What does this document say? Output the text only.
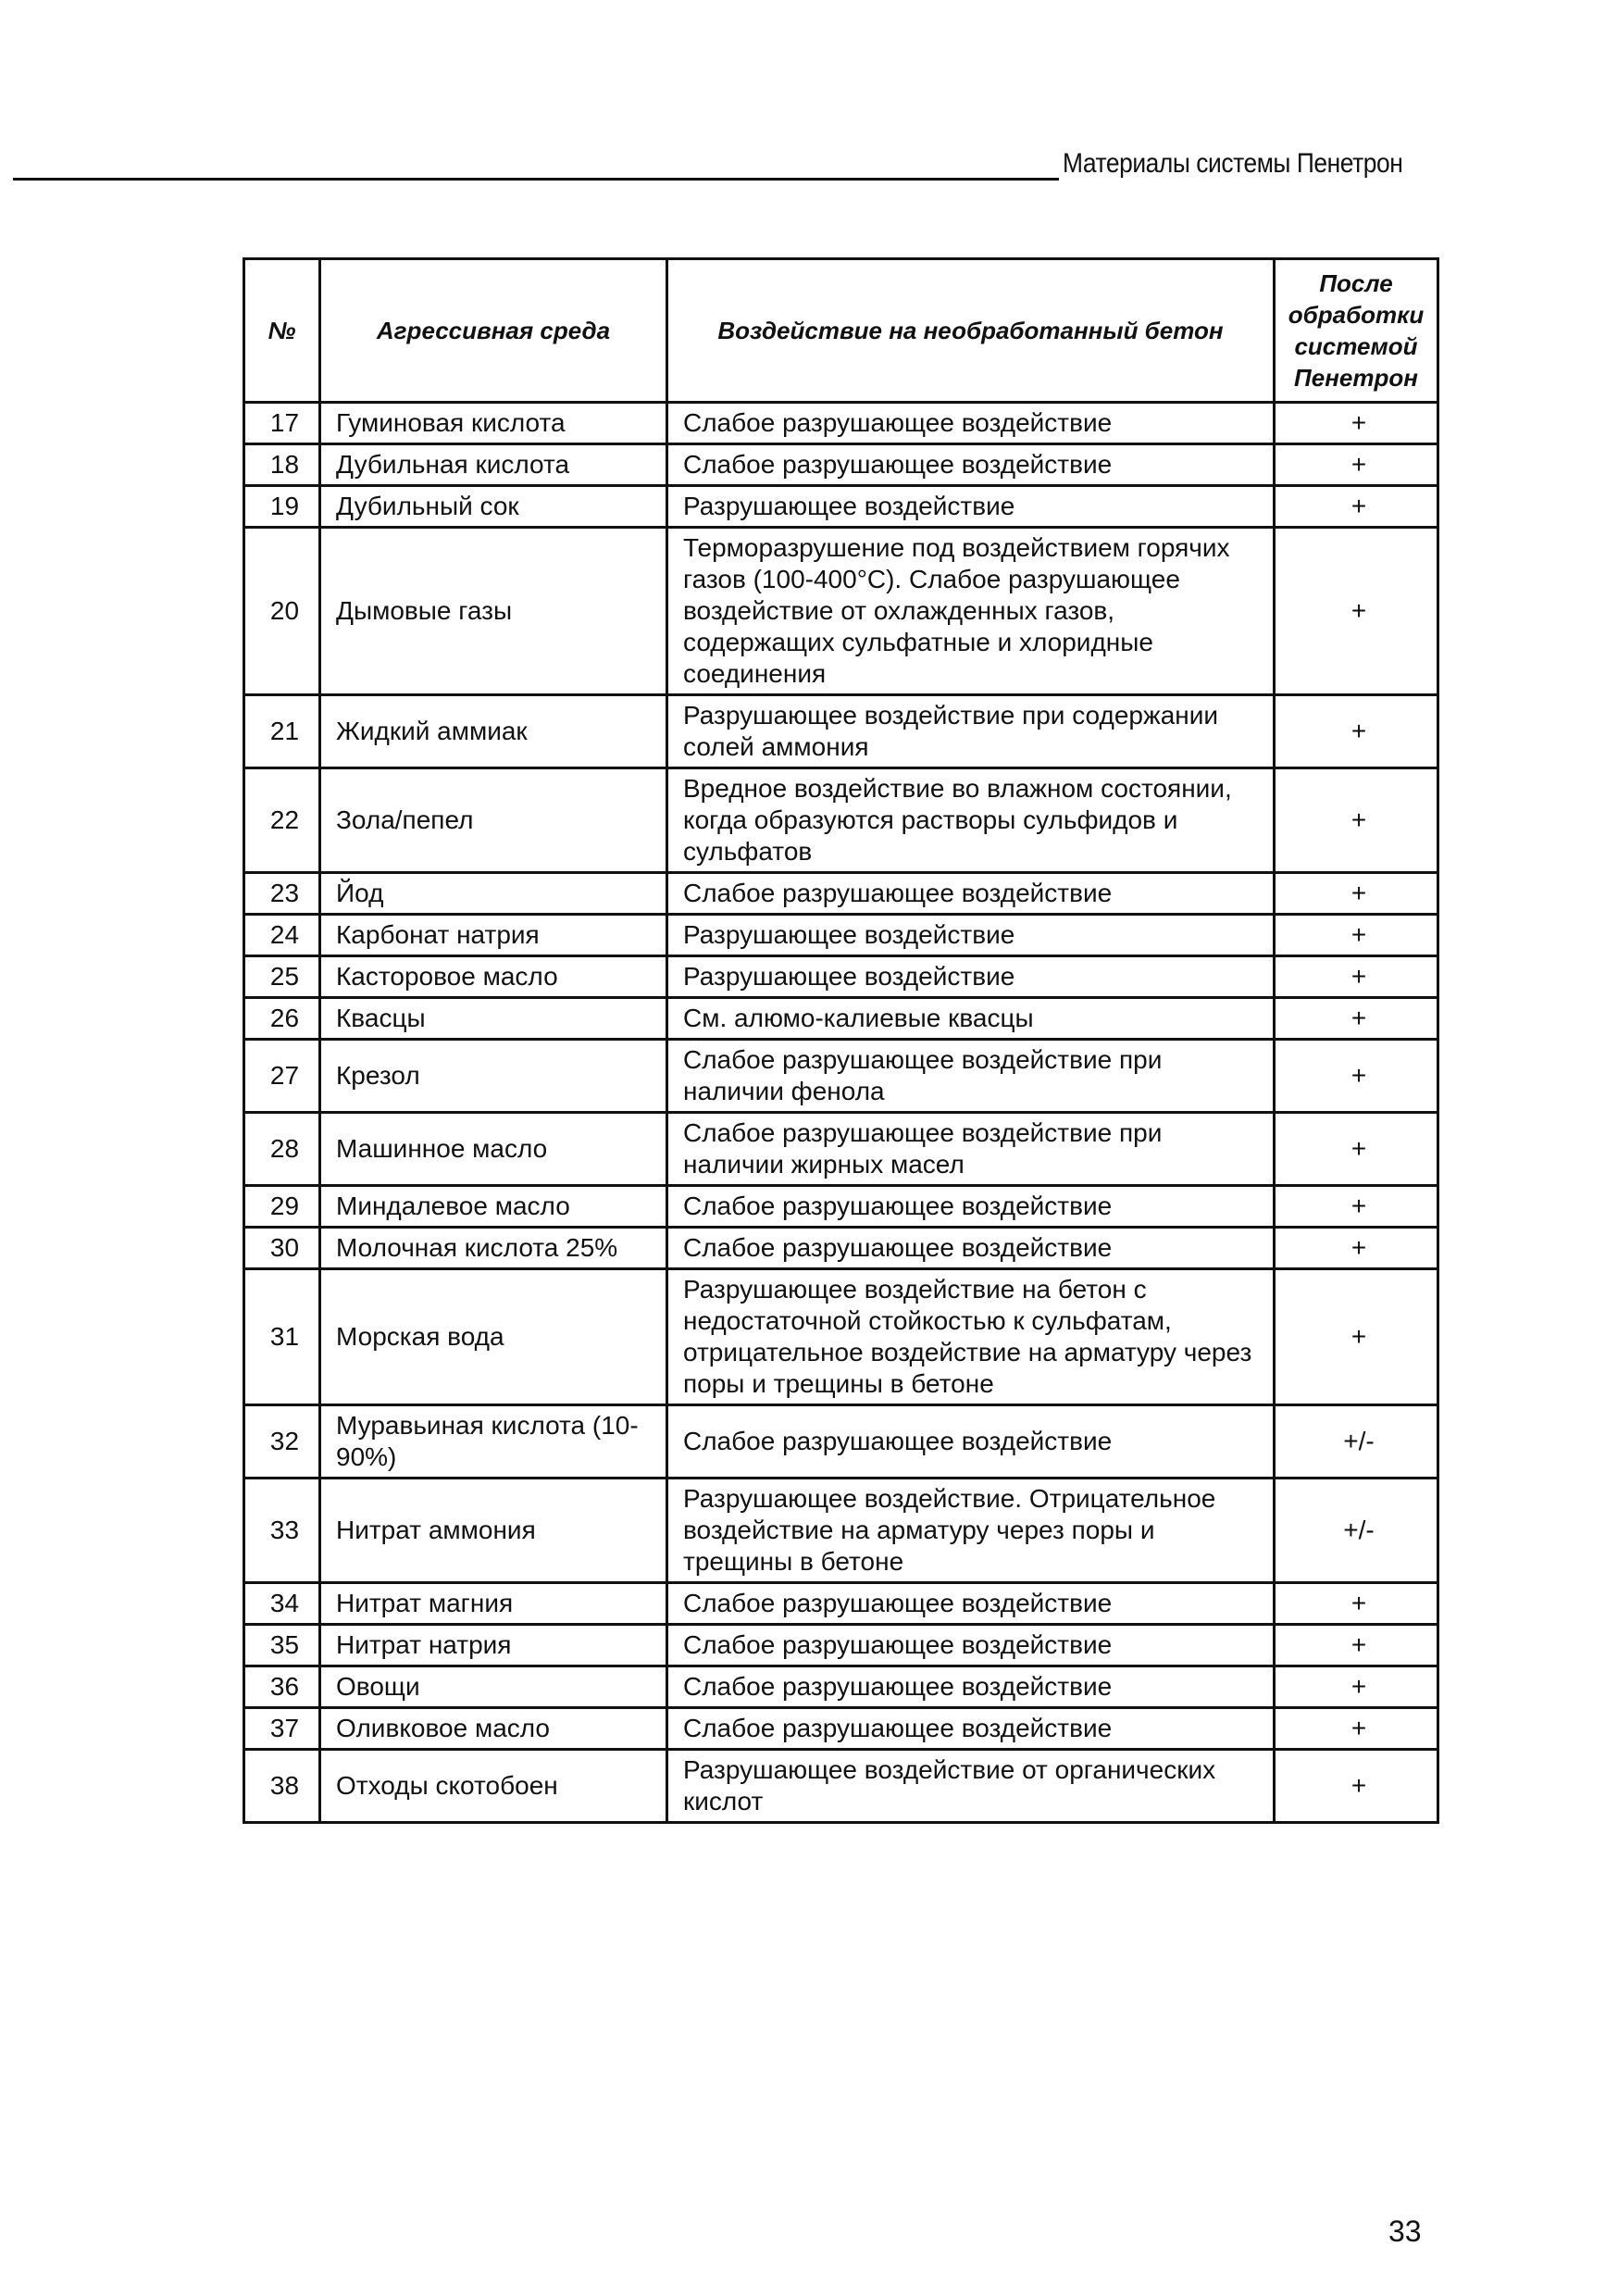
Материалы системы Пенетрон
№	Агрессивная среда	Воздействие на необработанный бетон	После обработки системой Пенетрон
17	Гуминовая кислота	Слабое разрушающее воздействие	+
18	Дубильная кислота	Слабое разрушающее воздействие	+
19	Дубильный сок	Разрушающее воздействие	+
20	Дымовые газы	Терморазрушение под воздействием горячих газов (100-400°С). Слабое разрушающее воздействие от охлажденных газов, содержащих сульфатные и хлоридные соединения	+
21	Жидкий аммиак	Разрушающее воздействие при содержании солей аммония	+
22	Зола/пепел	Вредное воздействие во влажном состоянии, когда образуются растворы сульфидов и сульфатов	+
23	Йод	Слабое разрушающее воздействие	+
24	Карбонат натрия	Разрушающее воздействие	+
25	Касторовое масло	Разрушающее воздействие	+
26	Квасцы	См. алюмо-калиевые квасцы	+
27	Крезол	Слабое разрушающее воздействие при наличии фенола	+
28	Машинное масло	Слабое разрушающее воздействие при наличии жирных масел	+
29	Миндалевое масло	Слабое разрушающее воздействие	+
30	Молочная кислота 25%	Слабое разрушающее воздействие	+
31	Морская вода	Разрушающее воздействие на бетон с недостаточной стойкостью к сульфатам, отрицательное воздействие на арматуру через поры и трещины в бетоне	+
32	Муравьиная кислота (10-90%)	Слабое разрушающее воздействие	+/-
33	Нитрат аммония	Разрушающее воздействие. Отрицательное воздействие на арматуру через поры и трещины в бетоне	+/-
34	Нитрат магния	Слабое разрушающее воздействие	+
35	Нитрат натрия	Слабое разрушающее воздействие	+
36	Овощи	Слабое разрушающее воздействие	+
37	Оливковое масло	Слабое разрушающее воздействие	+
38	Отходы скотобоен	Разрушающее воздействие от органических кислот	+
33
